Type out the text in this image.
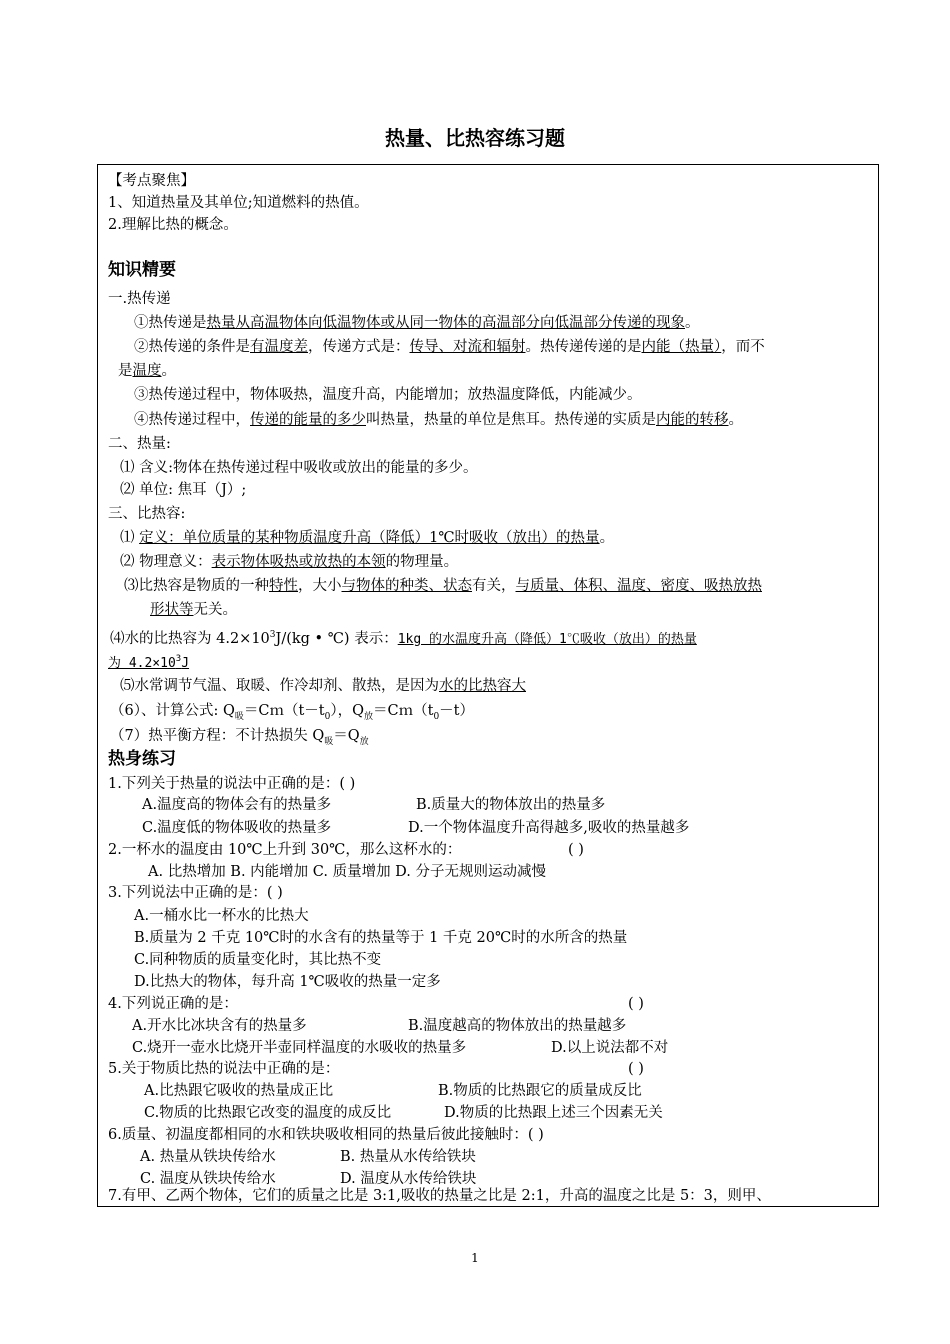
热量、比热容练习题
【考点聚焦】
1、知道热量及其单位;知道燃料的热值。
2.理解比热的概念。
知识精要
一.热传递
①热传递是热量从高温物体向低温物体或从同一物体的高温部分向低温部分传递的现象。
②热传递的条件是有温度差，传递方式是：传导、对流和辐射。热传递传递的是内能（热量），而不
是温度。
③热传递过程中，物体吸热，温度升高，内能增加；放热温度降低，内能减少。
④热传递过程中，传递的能量的多少叫热量，热量的单位是焦耳。热传递的实质是内能的转移。
二、热量:
⑴ 含义:物体在热传递过程中吸收或放出的能量的多少。
⑵ 单位: 焦耳（J）;
三、比热容:
⑴ 定义：单位质量的某种物质温度升高（降低）1℃时吸收（放出）的热量。
⑵ 物理意义：表示物体吸热或放热的本领的物理量。
⑶比热容是物质的一种特性，大小与物体的种类、状态有关，与质量、体积、温度、密度、吸热放热
形状等无关。
⑷水的比热容为 $4.2\times 10^3J/(kg$ • ℃) 表示：1kg 的水温度升高（降低）1℃吸收（放出）的热量
为 $4.2\times 10^3J$
⑸水常调节气温、取暖、作冷却剂、散热，是因为水的比热容大
（6）、计算公式: $Q_吸=Cm(t-t_0)$，$Q_放=Cm(t_0-t)$
（7）热平衡方程：不计热损失 $Q_吸=Q_放$
热身练习
1.下列关于热量的说法中正确的是：( )
A.温度高的物体会有的热量多	B.质量大的物体放出的热量多
C.温度低的物体吸收的热量多	D.一个物体温度升高得越多,吸收的热量越多
2.一杯水的温度由 10℃上升到 30℃，那么这杯水的：	( )
A. 比热增加 B. 内能增加 C. 质量增加 D. 分子无规则运动减慢
3.下列说法中正确的是：( )
A.一桶水比一杯水的比热大
B.质量为 2 千克 10℃时的水含有的热量等于 1 千克 20℃时的水所含的热量
C.同种物质的质量变化时，其比热不变
D.比热大的物体，每升高 1℃吸收的热量一定多
4.下列说正确的是：	( )
A.开水比冰块含有的热量多	B.温度越高的物体放出的热量越多
C.烧开一壶水比烧开半壶同样温度的水吸收的热量多	D.以上说法都不对
5.关于物质比热的说法中正确的是：	( )
A.比热跟它吸收的热量成正比	B.物质的比热跟它的质量成反比
C.物质的比热跟它改变的温度的成反比	D.物质的比热跟上述三个因素无关
6.质量、初温度都相同的水和铁块吸收相同的热量后彼此接触时：( )
A. 热量从铁块传给水	B. 热量从水传给铁块
C. 温度从铁块传给水	D. 温度从水传给铁块
7.有甲、乙两个物体，它们的质量之比是 3:1,吸收的热量之比是 2:1，升高的温度之比是 5：3，则甲、
1
